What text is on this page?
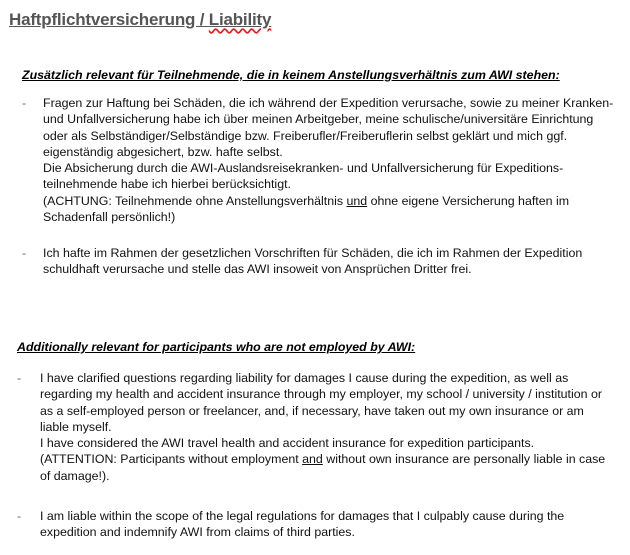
Haftpflichtversicherung / Liability
Zusätzlich relevant für Teilnehmende, die in keinem Anstellungsverhältnis zum AWI stehen:
- Fragen zur Haftung bei Schäden, die ich während der Expedition verursache, sowie zu meiner Kranken-
und Unfallversicherung habe ich über meinen Arbeitgeber, meine schulische/universitäre Einrichtung
oder als Selbständiger/Selbständige bzw. Freiberufler/Freiberuflerin selbst geklärt und mich ggf.
eigenständig abgesichert, bzw. hafte selbst.
Die Absicherung durch die AWI-Auslandsreisekranken- und Unfallversicherung für Expeditions-
teilnehmende habe ich hierbei berücksichtigt.
(ACHTUNG: Teilnehmende ohne Anstellungsverhältnis und ohne eigene Versicherung haften im
Schadenfall persönlich!)
- Ich hafte im Rahmen der gesetzlichen Vorschriften für Schäden, die ich im Rahmen der Expedition
schuldhaft verursache und stelle das AWI insoweit von Ansprüchen Dritter frei.
Additionally relevant for participants who are not employed by AWI:
- I have clarified questions regarding liability for damages I cause during the expedition, as well as
regarding my health and accident insurance through my employer, my school / university / institution or
as a self-employed person or freelancer, and, if necessary, have taken out my own insurance or am
liable myself.
I have considered the AWI travel health and accident insurance for expedition participants.
(ATTENTION: Participants without employment and without own insurance are personally liable in case
of damage!).
- I am liable within the scope of the legal regulations for damages that I culpably cause during the
expedition and indemnify AWI from claims of third parties.
